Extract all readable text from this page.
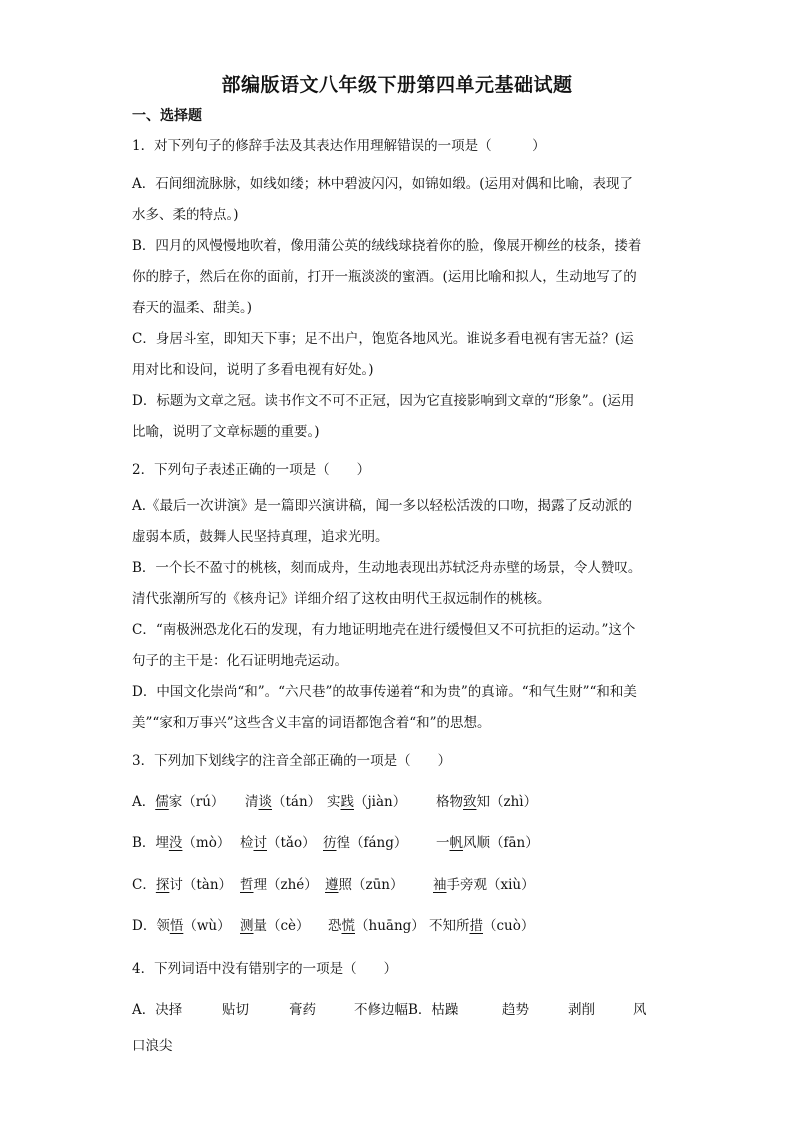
部编版语文八年级下册第四单元基础试题
一、选择题
1．对下列句子的修辞手法及其表达作用理解错误的一项是（　　　）
A．石间细流脉脉，如线如缕；林中碧波闪闪，如锦如缎。(运用对偶和比喻，表现了
水多、柔的特点。)
B．四月的风慢慢地吹着，像用蒲公英的绒线球挠着你的脸，像展开柳丝的枝条，搂着
你的脖子，然后在你的面前，打开一瓶淡淡的蜜酒。(运用比喻和拟人，生动地写了的
春天的温柔、甜美。)
C．身居斗室，即知天下事；足不出户，饱览各地风光。谁说多看电视有害无益？(运
用对比和设问，说明了多看电视有好处。)
D．标题为文章之冠。读书作文不可不正冠，因为它直接影响到文章的“形象”。(运用
比喻，说明了文章标题的重要。)
2．下列句子表述正确的一项是（　　）
A.《最后一次讲演》是一篇即兴演讲稿，闻一多以轻松活泼的口吻，揭露了反动派的
虚弱本质，鼓舞人民坚持真理，追求光明。
B．一个长不盈寸的桃核，刻而成舟，生动地表现出苏轼泛舟赤壁的场景，令人赞叹。
清代张潮所写的《核舟记》详细介绍了这枚由明代王叔远制作的桃核。
C．“南极洲恐龙化石的发现，有力地证明地壳在进行缓慢但又不可抗拒的运动。”这个
句子的主干是：化石证明地壳运动。
D．中国文化崇尚“和”。“六尺巷”的故事传递着“和为贵”的真谛。“和气生财”“和和美
美”“家和万事兴”这些含义丰富的词语都饱含着“和”的思想。
3．下列加下划线字的注音全部正确的一项是（　　）
A．儒家（rú） 清谈（tán） 实践（jiàn） 格物致知（zhì）
B．埋没（mò） 检讨（tǎo） 彷徨（fáng） 一帆风顺（fān）
C．探讨（tàn） 哲理（zhé） 遵照（zūn） 袖手旁观（xiù）
D．领悟（wù） 测量（cè） 恐慌（huāng） 不知所措（cuò）
4．下列词语中没有错别字的一项是（　　）
A．决择	贴切	膏药	不修边幅B．枯躁	趋势	剥削	风
口浪尖
